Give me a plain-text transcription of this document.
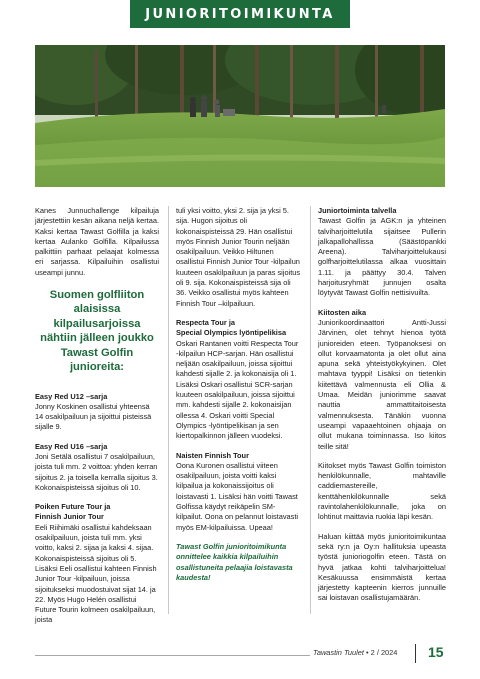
JUNIORITOIMIKUNTA

Kanes Junnuchallenge kilpailuja järjestettiin kesän aikana neljä kertaa. Kaksi kertaa Tawast Golfilla ja kaksi kertaa Aulanko Golfilla. Kilpailussa palkittiin parhaat pelaajat kolmessa eri sarjassa. Kilpailuihin osallistui useampi junnu.

Suomen golfliiton alaisissa kilpailusarjoissa nähtiin jälleen joukko Tawast Golfin junioreita:
Easy Red U12 –sarja

Jonny Koskinen osallistui yhteensä 14 osakilpailuun ja sijoittui pisteissä sijalle 9.

Easy Red U16 –sarja

Joni Setälä osallistui 7 osakilpailuun, joista tuli mm. 2 voittoa: yhden kerran sijoitus 2. ja toisella kerralla sijoitus 3. Kokonaispisteissä sijoitus oli 10.

Poiken Future Tour ja
Finnish Junior Tour

Eeli Riihimäki osallistui kahdeksaan osakilpailuun, joista tuli mm. yksi voitto, kaksi 2. sijaa ja kaksi 4. sijaa. Kokonaispisteissä sijoitus oli 5. Lisäksi Eeli osallistui kahteen Finnish Junior Tour -kilpailuun, joissa sijoitukseksi muodostuivat sijat 14. ja 22. Myös Hugo Helén osallistui Future Tourin kolmeen osakilpailuun, joista

tuli yksi voitto, yksi 2. sija ja yksi 5. sija. Hugon sijoitus oli kokonaispisteissä 29. Hän osallistui myös Finnish Junior Tourin neljään osakilpailuun. Veikko Hiltunen osallistui Finnish Junior Tour -kilpailun kuuteen osakilpailuun ja paras sijoitus oli 9. sija. Kokonaispisteissä sija oli 36. Veikko osallistui myös kahteen Finnish Tour –kilpailuun.

Respecta Tour ja
Special Olympics lyöntipelikisa

Oskari Rantanen voitti Respecta Tour -kilpailun HCP-sarjan. Hän osallistui neljään osakilpailuun, joissa sijoittui kahdesti sijalle 2. ja kokonaisija oli 1. Lisäksi Oskari osallistui SCR-sarjan kuuteen osakilpailuun, joissa sijoittui mm. kahdesti sijalle 2. kokonaisijan ollessa 4. Oskari voitti Special Olympics -lyöntipelikisan ja sen kiertopalkinnon jälleen vuodeksi.

Naisten Finnish Tour

Oona Kuronen osallistui viiteen osakilpailuun, joista voitti kaksi kilpailua ja kokonaissijoitus oli loistavasti 1. Lisäksi hän voitti Tawast Golfissa käydyt reikäpelin SM-kilpailut. Oona on pelannut loistavasti myös EM-kilpailuissa. Upeaa!

Tawast Golfin junioritoimikunta onnittelee kaikkia kilpailuihin osallistuneita pelaajia loistavasta kaudesta!

Juniortoiminta talvella

Tawast Golfin ja AGK:n ja yhteinen talviharjoittelutila sijaitsee Pullerin jalkapallohallissa (Säästöpankki Areena). Talviharjoittelukausi golfharjoittelutilassa alkaa vuosittain 1.11. ja päättyy 30.4. Talven harjoitusryhmät junnujen osalta löytyvät Tawast Golfin nettisivuilta.

Kiitosten aika

Juniorikoordinaattori Antti-Jussi Järvinen, olet tehnyt hienoa työtä junioreiden eteen. Työpanoksesi on ollut korvaamatonta ja olet ollut aina apuna sekä yhteistyökykyinen. Olet mahtava tyyppi! Lisäksi on tietenkin kiitettävä valmennusta eli Ollia & Umaa. Meidän juniorimme saavat nauttia ammattitaitoisesta valmennuksesta. Tänäkin vuonna useampi vapaaehtoinen ohjaaja on ollut mukana toiminnassa. Iso kiitos teille sitä!

Kiitokset myös Tawast Golfin toimiston henkilökunnalle, mahtaville caddiemastereille, kenttähenkilökunnalle sekä ravintolahenkilökunnalle, joka on lohtinut maittavia ruokia läpi kesän.

Haluan kiittää myös junioritoimikuntaa sekä ry:n ja Oy:n hallituksia upeasta työstä junioriogolfin eteen. Tästä on hyvä jatkaa kohti talviharjoittelua! Kesäkuussa ensimmäistä kertaa järjestetty kapteenin kierros junnuille sai loistavan osallistujamäärän.

Tawastin Tuulet • 2 / 2024 15
